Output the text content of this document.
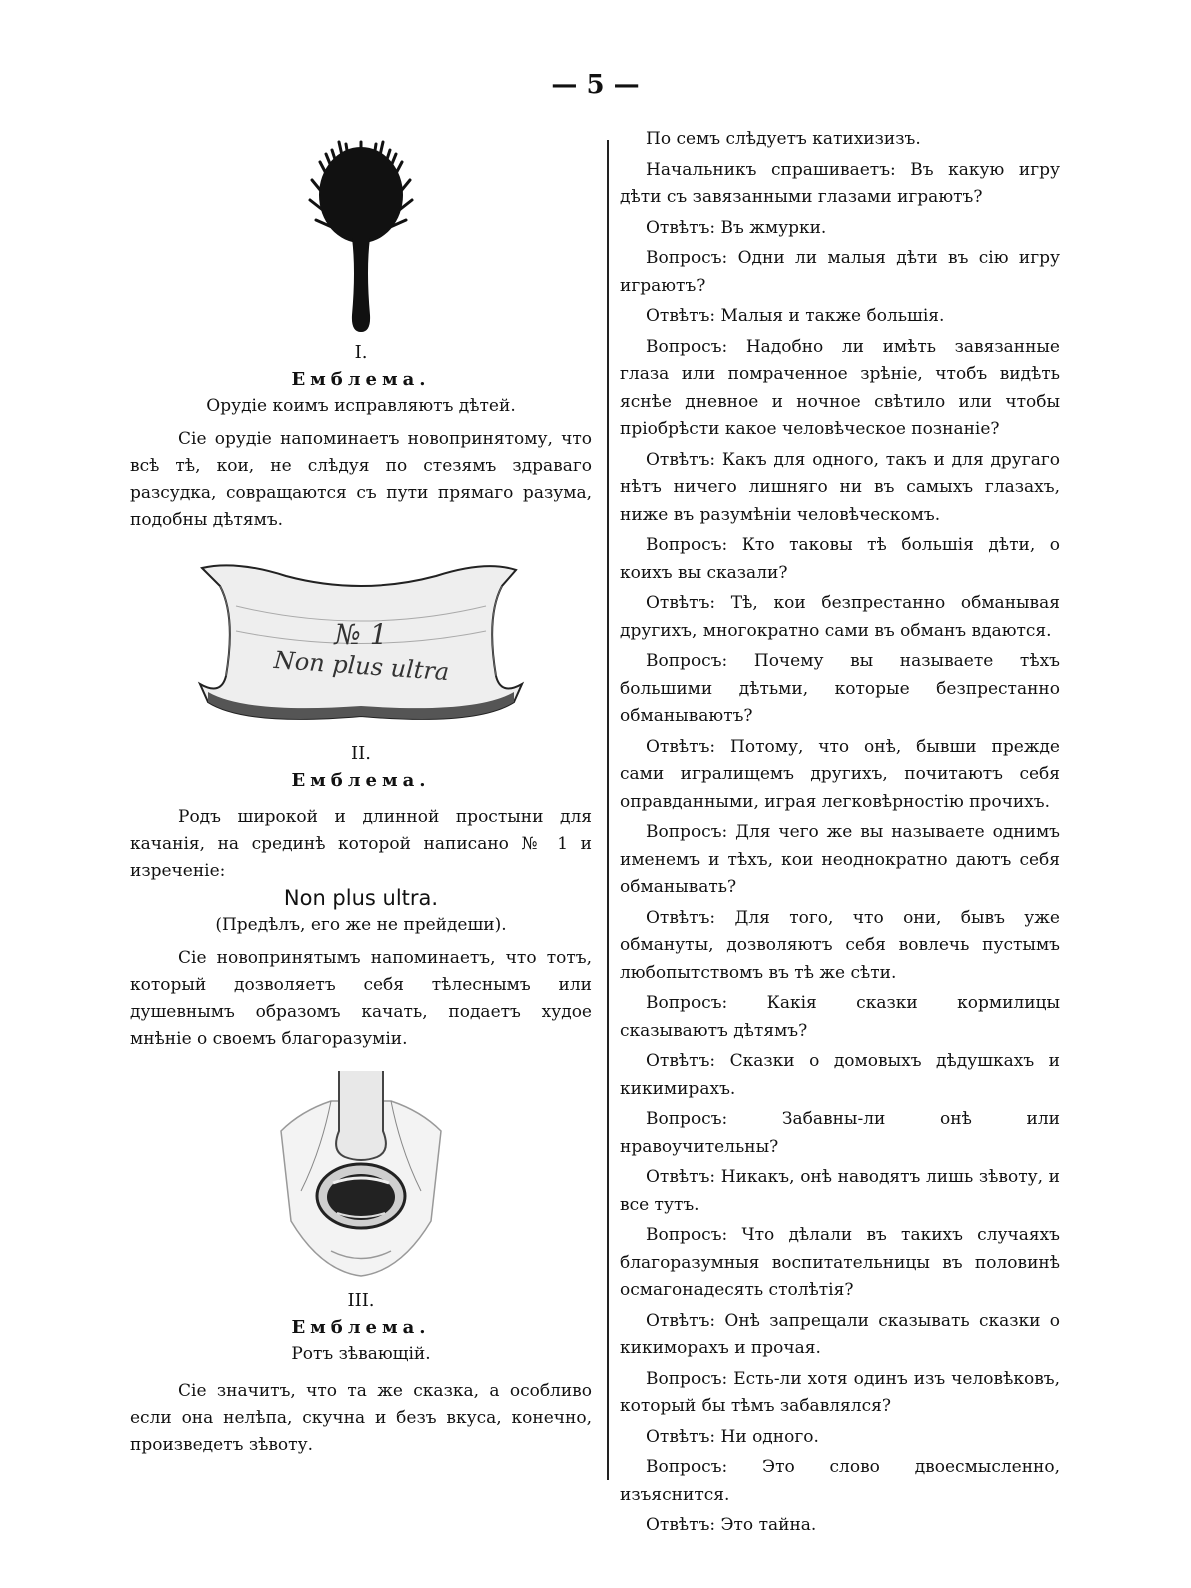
— 5 —
I.
Емблема.
Орудіе коимъ исправляютъ дѣтей.

Сіе орудіе напоминаетъ новопринятому, что всѣ тѣ, кои, не слѣдуя по стезямъ здраваго разсудка, совращаются съ пути прямаго разума, подобны дѣтямъ.

№ 1
Non plus ultra
II.
Емблема.

Родъ широкой и длинной простыни для качанія, на срединѣ которой написано № 1 и изреченіе:

Non plus ultra.
(Предѣлъ, его же не прейдеши).

Сіе новопринятымъ напоминаетъ, что тотъ, который дозволяетъ себя тѣлеснымъ или душевнымъ образомъ качать, подаетъ худое мнѣніе о своемъ благоразуміи.

III.
Емблема.
Ротъ зѣвающій.

Сіе значитъ, что та же сказка, а особливо если она нелѣпа, скучна и безъ вкуса, конечно, произведетъ зѣвоту.

По семъ слѣдуетъ катихизизъ.

Начальникъ спрашиваетъ: Въ какую игру дѣти съ завязанными глазами играютъ?

Отвѣтъ: Въ жмурки.

Вопросъ: Одни ли малыя дѣти въ сію игру играютъ?

Отвѣтъ: Малыя и также большія.

Вопросъ: Надобно ли имѣть завязанные глаза или помраченное зрѣніе, чтобъ видѣть яснѣе дневное и ночное свѣтило или чтобы пріобрѣсти какое человѣческое познаніе?

Отвѣтъ: Какъ для одного, такъ и для другаго нѣтъ ничего лишняго ни въ самыхъ глазахъ, ниже въ разумѣніи человѣческомъ.

Вопросъ: Кто таковы тѣ большія дѣти, о коихъ вы сказали?

Отвѣтъ: Тѣ, кои безпрестанно обманывая другихъ, многократно сами въ обманъ вдаются.

Вопросъ: Почему вы называете тѣхъ большими дѣтьми, которые безпрестанно обманываютъ?

Отвѣтъ: Потому, что онѣ, бывши прежде сами игралищемъ другихъ, почитаютъ себя оправданными, играя легковѣрностію прочихъ.

Вопросъ: Для чего же вы называете однимъ именемъ и тѣхъ, кои неоднократно даютъ себя обманывать?

Отвѣтъ: Для того, что они, бывъ уже обмануты, дозволяютъ себя вовлечь пустымъ любопытствомъ въ тѣ же сѣти.

Вопросъ: Какія сказки кормилицы сказываютъ дѣтямъ?

Отвѣтъ: Сказки о домовыхъ дѣдушкахъ и кикимирахъ.

Вопросъ: Забавны-ли онѣ или нравоучительны?

Отвѣтъ: Никакъ, онѣ наводятъ лишь зѣвоту, и все тутъ.

Вопросъ: Что дѣлали въ такихъ случаяхъ благоразумныя воспитательницы въ половинѣ осмагонадесять столѣтія?

Отвѣтъ: Онѣ запрещали сказывать сказки о кикиморахъ и прочая.

Вопросъ: Есть-ли хотя одинъ изъ человѣковъ, который бы тѣмъ забавлялся?

Отвѣтъ: Ни одного.

Вопросъ: Это слово двоесмысленно, изъяснится.

Отвѣтъ: Это тайна.
